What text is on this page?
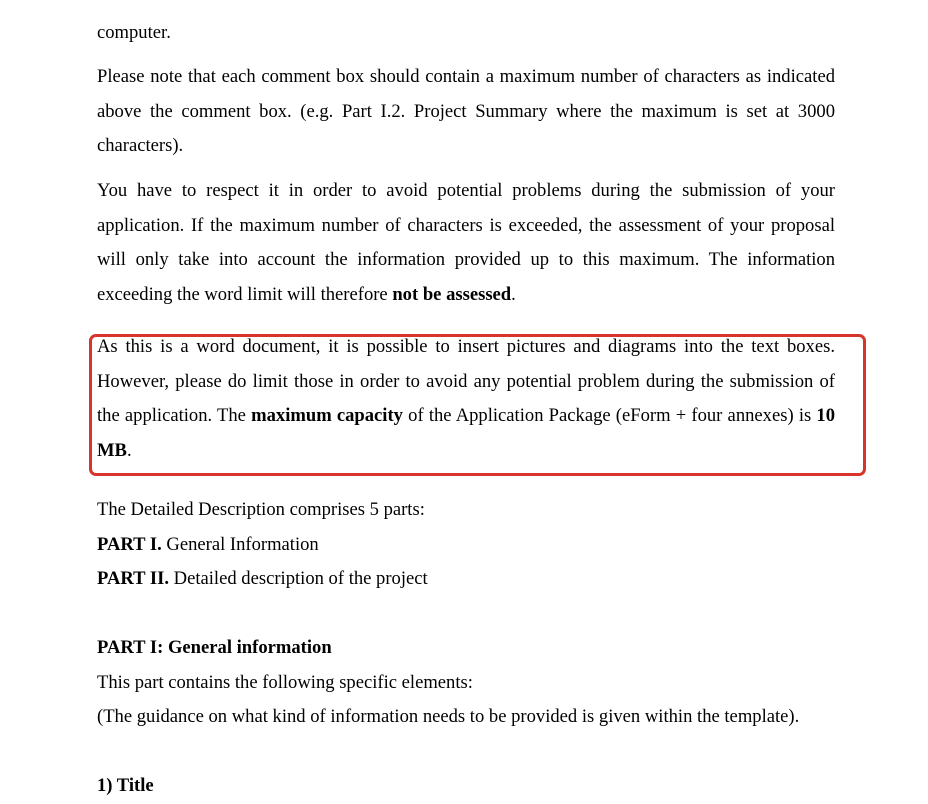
computer.

Please note that each comment box should contain a maximum number of characters as indicated above the comment box. (e.g. Part I.2. Project Summary where the maximum is set at 3000 characters).

You have to respect it in order to avoid potential problems during the submission of your application. If the maximum number of characters is exceeded, the assessment of your proposal will only take into account the information provided up to this maximum. The information exceeding the word limit will therefore not be assessed.

As this is a word document, it is possible to insert pictures and diagrams into the text boxes. However, please do limit those in order to avoid any potential problem during the submission of the application. The maximum capacity of the Application Package (eForm + four annexes) is 10 MB.

The Detailed Description comprises 5 parts:

PART I. General Information

PART II. Detailed description of the project

PART I: General information

This part contains the following specific elements:

(The guidance on what kind of information needs to be provided is given within the template).

1) Title
